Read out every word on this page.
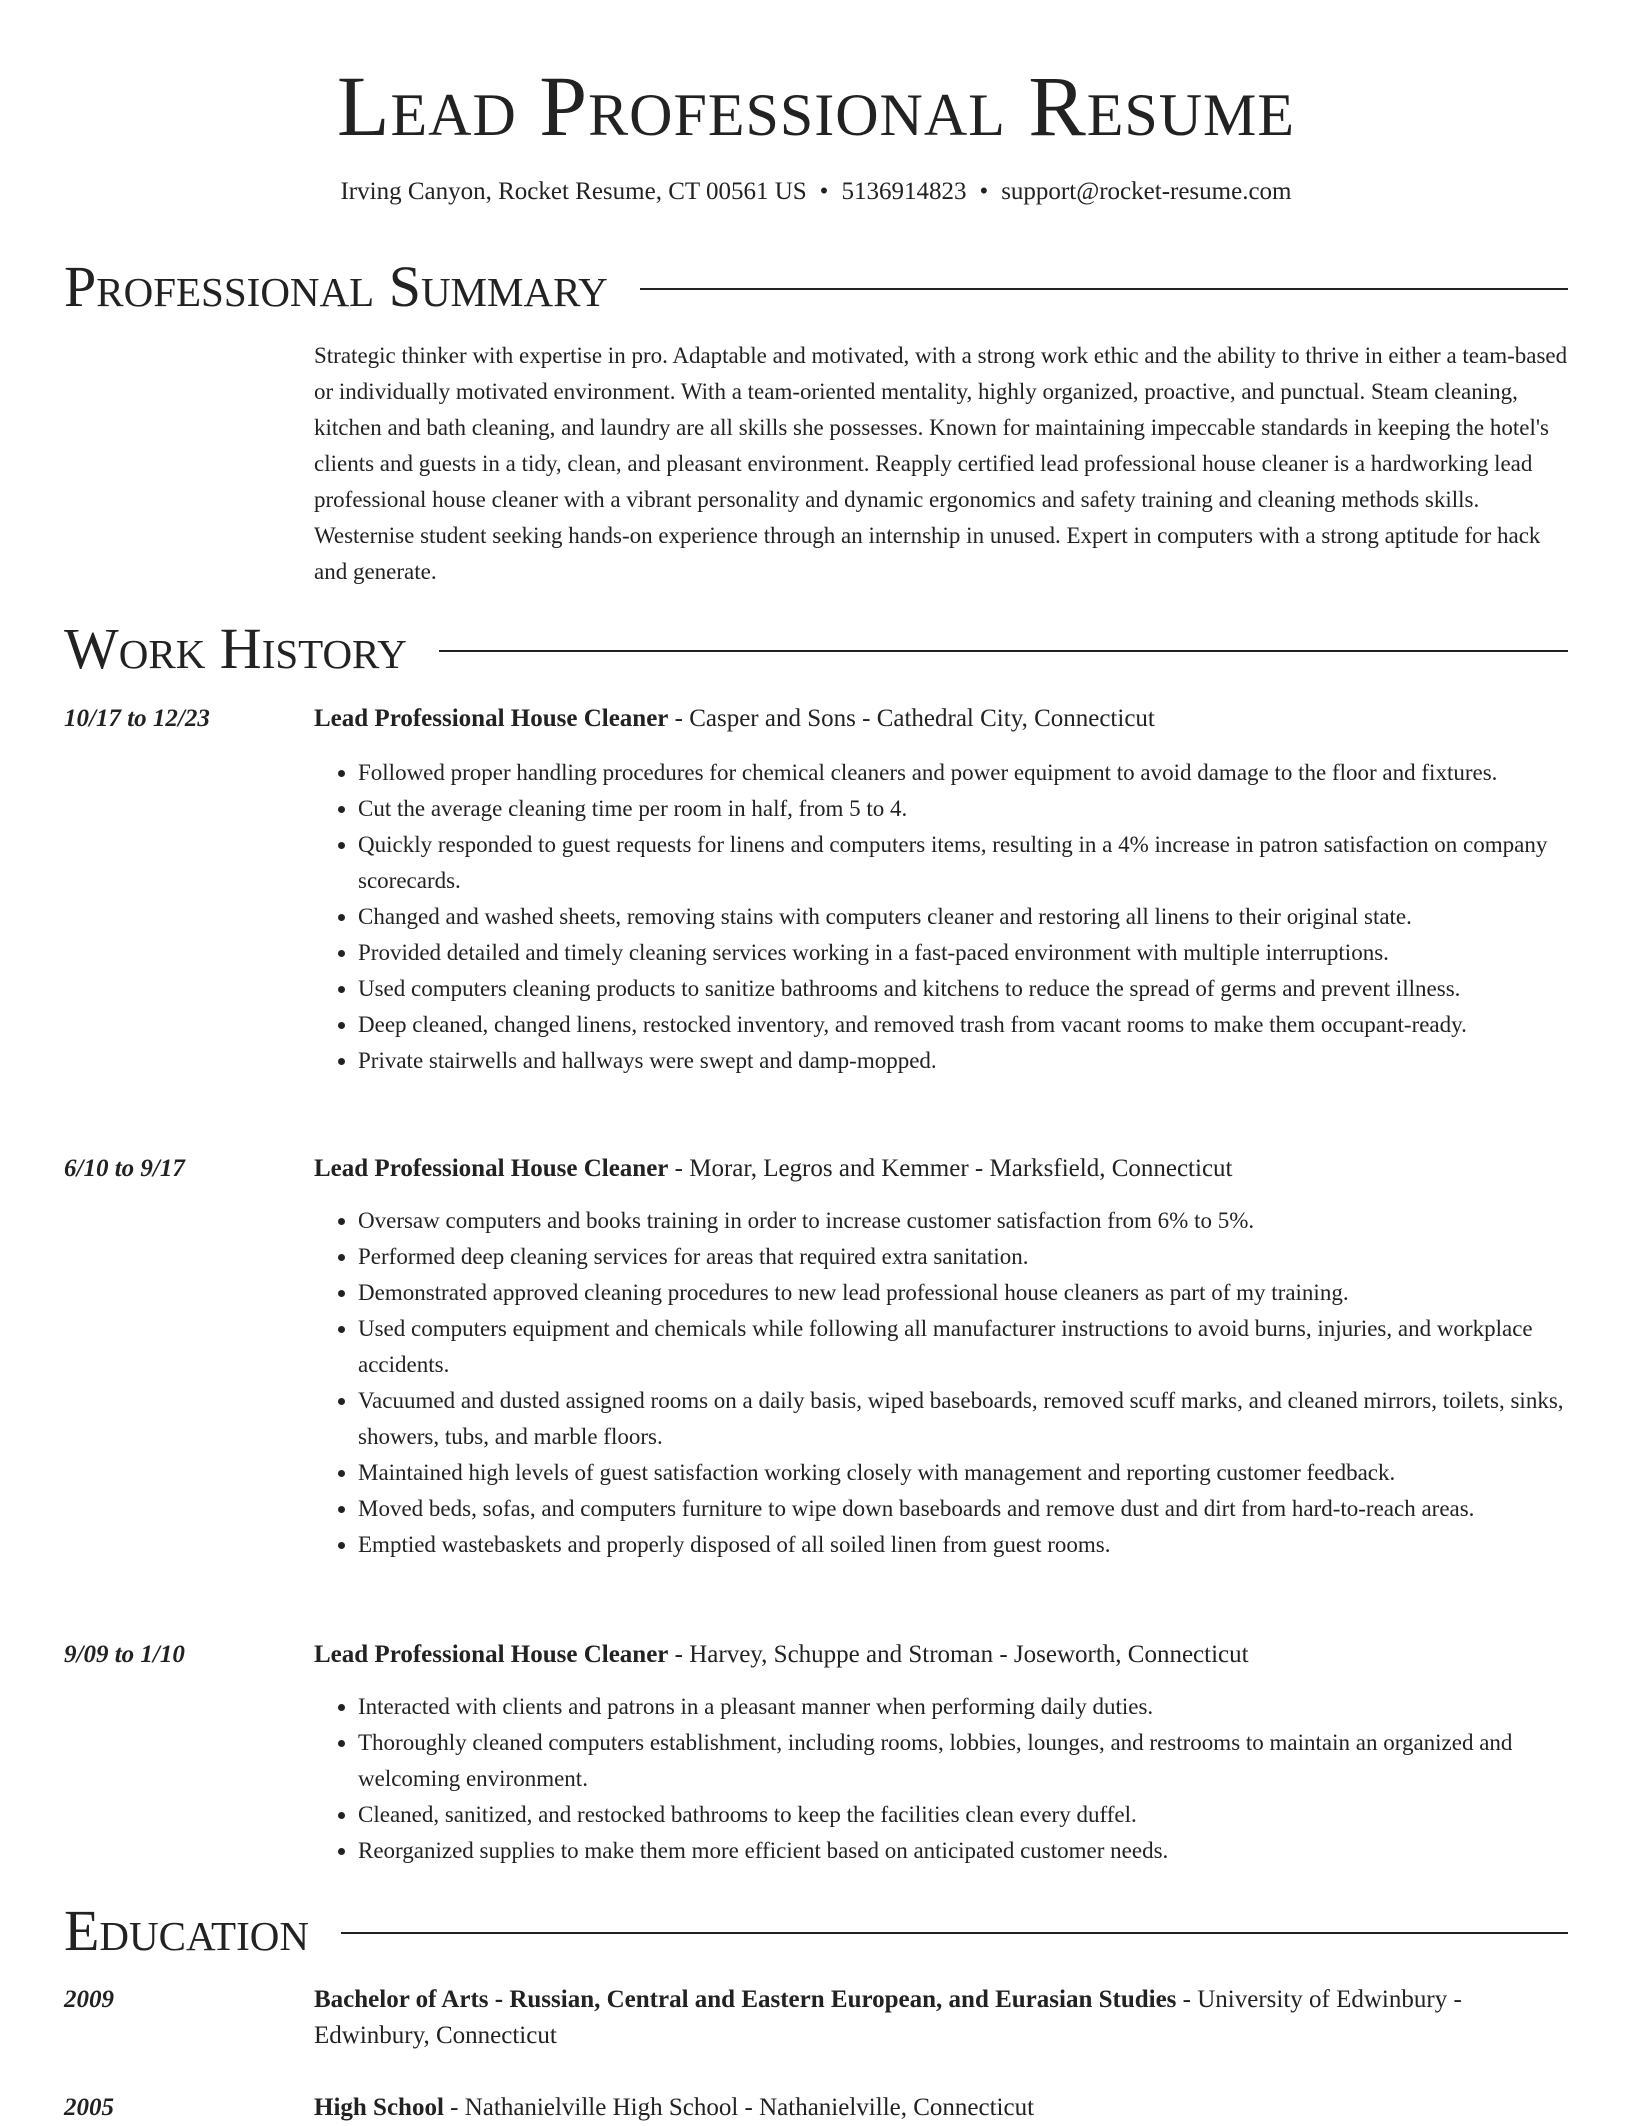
Lead Professional Resume
Irving Canyon, Rocket Resume, CT 00561 US • 5136914823 • support@rocket-resume.com
Professional Summary

Strategic thinker with expertise in pro. Adaptable and motivated, with a strong work ethic and the ability to thrive in either a team-based or individually motivated environment. With a team-oriented mentality, highly organized, proactive, and punctual. Steam cleaning, kitchen and bath cleaning, and laundry are all skills she possesses. Known for maintaining impeccable standards in keeping the hotel's clients and guests in a tidy, clean, and pleasant environment. Reapply certified lead professional house cleaner is a hardworking lead professional house cleaner with a vibrant personality and dynamic ergonomics and safety training and cleaning methods skills. Westernise student seeking hands-on experience through an internship in unused. Expert in computers with a strong aptitude for hack and generate.

Work History
10/17 to 12/23	Lead Professional House Cleaner - Casper and Sons - Cathedral City, Connecticut
• Followed proper handling procedures for chemical cleaners and power equipment to avoid damage to the floor and fixtures.
• Cut the average cleaning time per room in half, from 5 to 4.
• Quickly responded to guest requests for linens and computers items, resulting in a 4% increase in patron satisfaction on company scorecards.
• Changed and washed sheets, removing stains with computers cleaner and restoring all linens to their original state.
• Provided detailed and timely cleaning services working in a fast-paced environment with multiple interruptions.
• Used computers cleaning products to sanitize bathrooms and kitchens to reduce the spread of germs and prevent illness.
• Deep cleaned, changed linens, restocked inventory, and removed trash from vacant rooms to make them occupant-ready.
• Private stairwells and hallways were swept and damp-mopped.
6/10 to 9/17	Lead Professional House Cleaner - Morar, Legros and Kemmer - Marksfield, Connecticut
• Oversaw computers and books training in order to increase customer satisfaction from 6% to 5%.
• Performed deep cleaning services for areas that required extra sanitation.
• Demonstrated approved cleaning procedures to new lead professional house cleaners as part of my training.
• Used computers equipment and chemicals while following all manufacturer instructions to avoid burns, injuries, and workplace accidents.
• Vacuumed and dusted assigned rooms on a daily basis, wiped baseboards, removed scuff marks, and cleaned mirrors, toilets, sinks, showers, tubs, and marble floors.
• Maintained high levels of guest satisfaction working closely with management and reporting customer feedback.
• Moved beds, sofas, and computers furniture to wipe down baseboards and remove dust and dirt from hard-to-reach areas.
• Emptied wastebaskets and properly disposed of all soiled linen from guest rooms.
9/09 to 1/10	Lead Professional House Cleaner - Harvey, Schuppe and Stroman - Joseworth, Connecticut
• Interacted with clients and patrons in a pleasant manner when performing daily duties.
• Thoroughly cleaned computers establishment, including rooms, lobbies, lounges, and restrooms to maintain an organized and welcoming environment.
• Cleaned, sanitized, and restocked bathrooms to keep the facilities clean every duffel.
• Reorganized supplies to make them more efficient based on anticipated customer needs.
Education
2009	Bachelor of Arts - Russian, Central and Eastern European, and Eurasian Studies - University of Edwinbury - Edwinbury, Connecticut
2005	High School - Nathanielville High School - Nathanielville, Connecticut
